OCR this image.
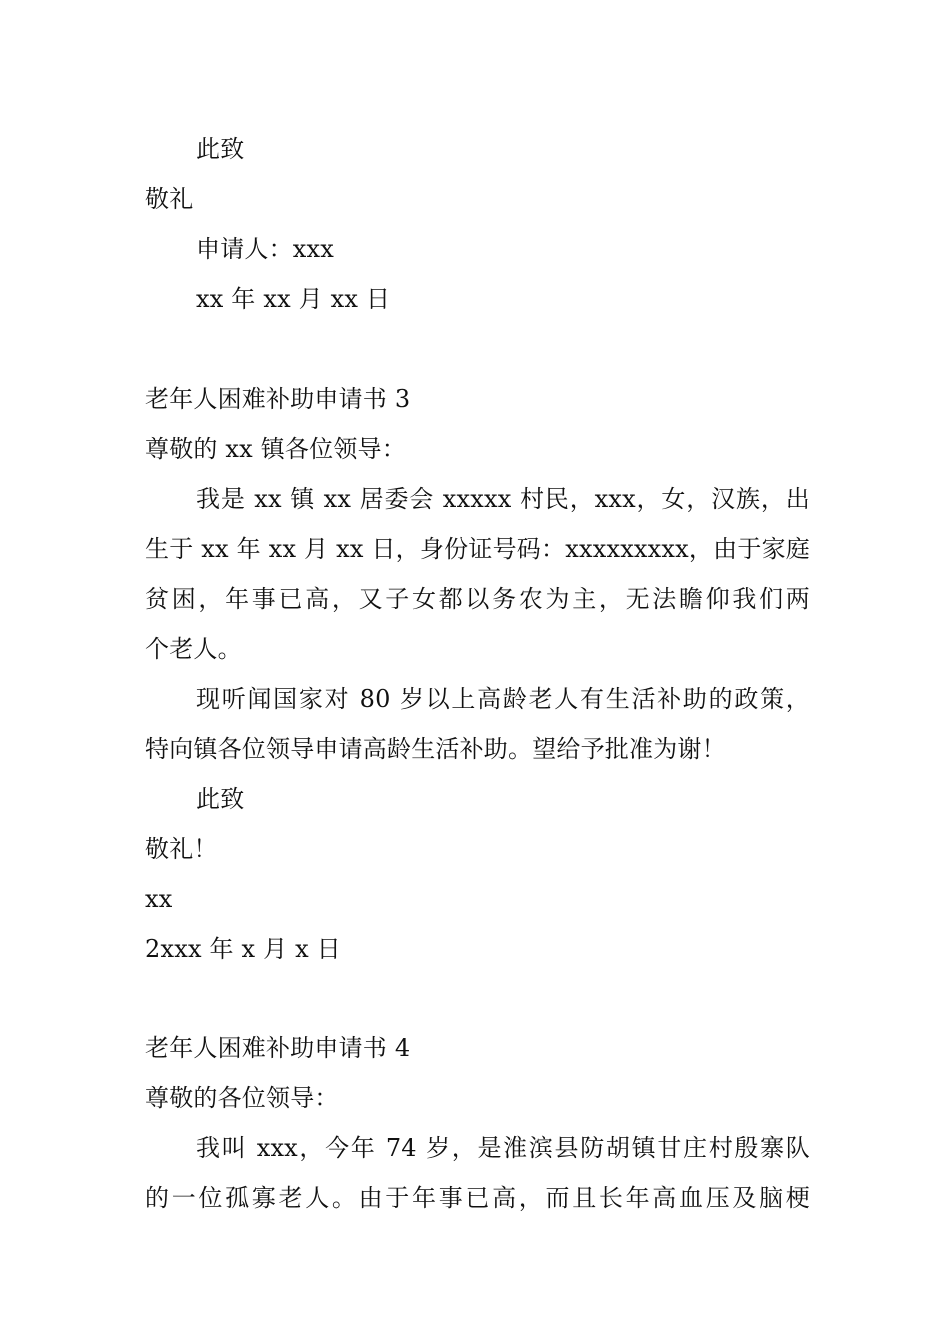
此致
敬礼
申请人：xxx
xx 年 xx 月 xx 日
老年人困难补助申请书 3
尊敬的 xx 镇各位领导：
我是 xx 镇 xx 居委会 xxxxx 村民，xxx，女，汉族，出
生于 xx 年 xx 月 xx 日，身份证号码：xxxxxxxxx，由于家庭
贫困，年事已高，又子女都以务农为主，无法瞻仰我们两
个老人。
现听闻国家对 80 岁以上高龄老人有生活补助的政策，
特向镇各位领导申请高龄生活补助。望给予批准为谢！
此致
敬礼！
xx
2xxx 年 x 月 x 日
老年人困难补助申请书 4
尊敬的各位领导：
我叫 xxx，今年 74 岁，是淮滨县防胡镇甘庄村殷寨队
的一位孤寡老人。由于年事已高，而且长年高血压及脑梗
